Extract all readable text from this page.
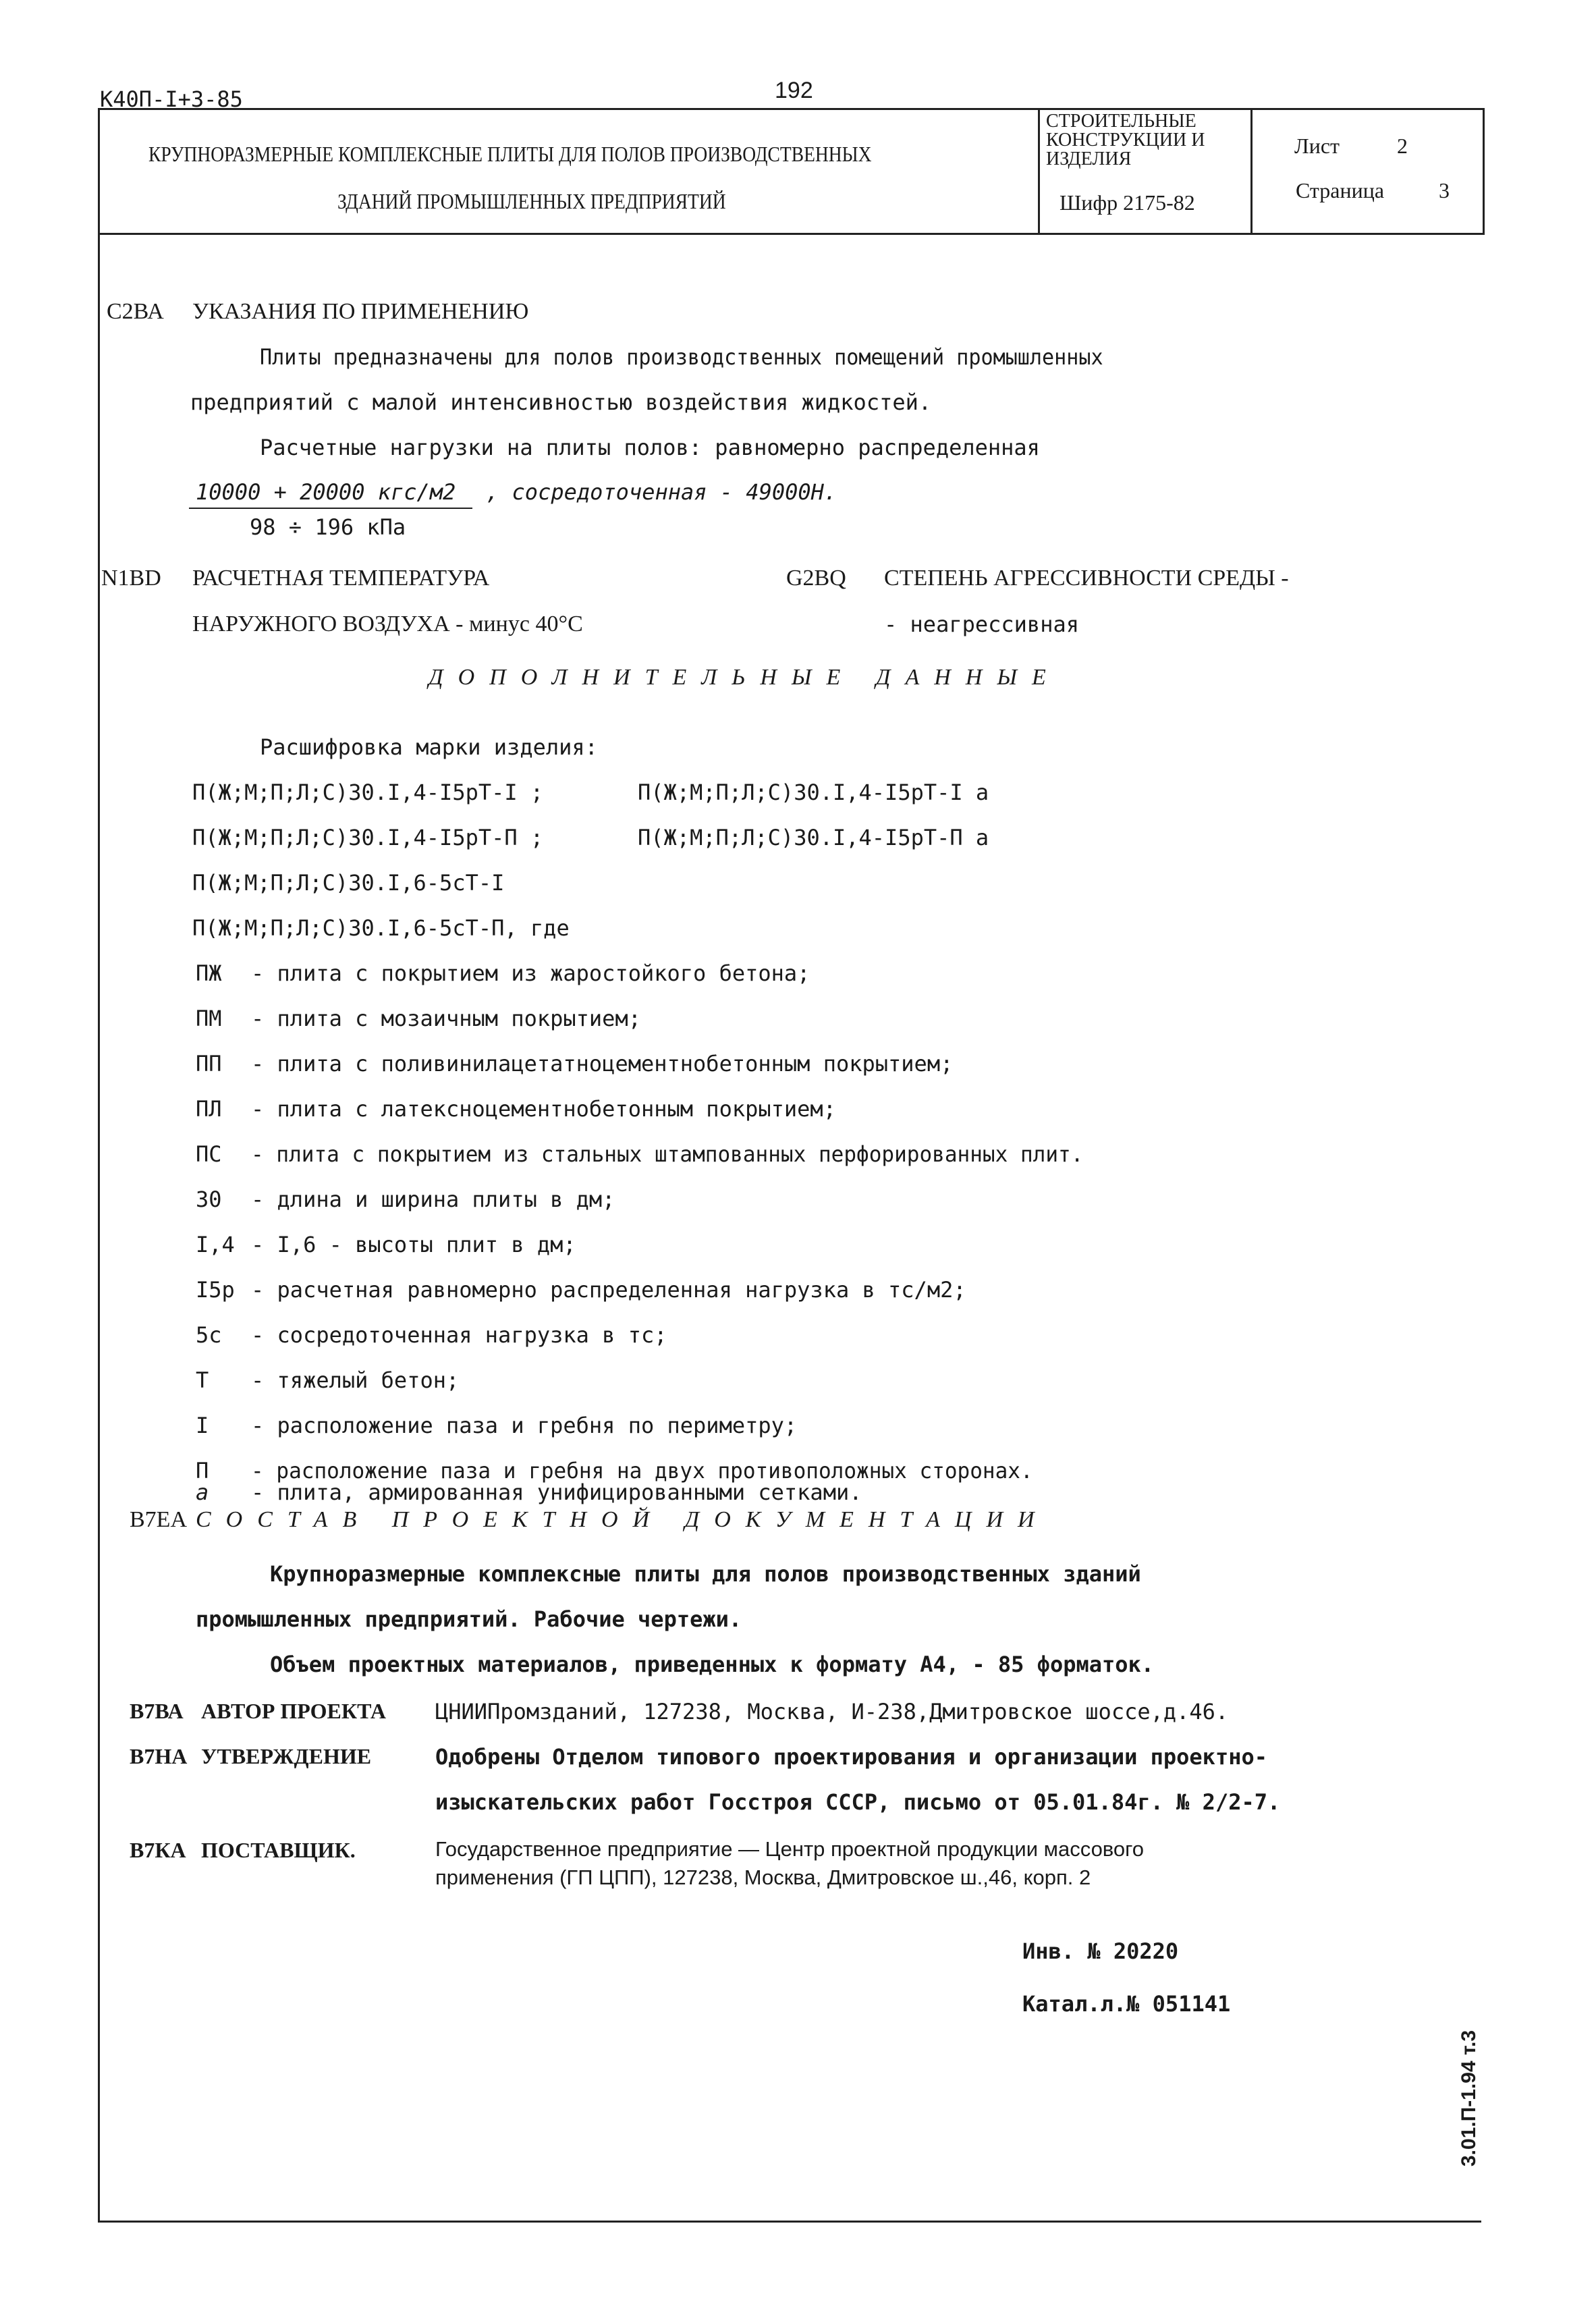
К40П-I+3-85	192
КРУПНОРАЗМЕРНЫЕ КОМПЛЕКСНЫЕ ПЛИТЫ ДЛЯ ПОЛОВ ПРОИЗВОДСТВЕННЫХ
ЗДАНИЙ ПРОМЫШЛЕННЫХ ПРЕДПРИЯТИЙ
СТРОИТЕЛЬНЫЕ
КОНСТРУКЦИИ И
ИЗДЕЛИЯ
Шифр 2175-82
Лист	2
Страница	3
С2ВА УКАЗАНИЯ ПО ПРИМЕНЕНИЮ
Плиты предназначены для полов производственных помещений промышленных
предприятий с малой интенсивностью воздействия жидкостей.
Расчетные нагрузки на плиты полов: равномерно распределенная
10000 + 20000 кгс/м2 , сосредоточенная - 49000Н.
98 ÷ 196 кПа
N1BD РАСЧЕТНАЯ ТЕМПЕРАТУРА
НАРУЖНОГО ВОЗДУХА - минус 40°С
G2BQ СТЕПЕНЬ АГРЕССИВНОСТИ СРЕДЫ -
- неагрессивная
ДОПОЛНИТЕЛЬНЫЕ ДАННЫЕ
Расшифровка марки изделия:
П(Ж;М;П;Л;С)30.I,4-I5рТ-I ;	П(Ж;М;П;Л;С)30.I,4-I5рТ-I а
П(Ж;М;П;Л;С)30.I,4-I5рТ-П ;	П(Ж;М;П;Л;С)30.I,4-I5рТ-П а
П(Ж;М;П;Л;С)30.I,6-5сТ-I
П(Ж;М;П;Л;С)30.I,6-5сТ-П, где
ПЖ - плита с покрытием из жаростойкого бетона;
ПМ - плита с мозаичным покрытием;
ПП - плита с поливинилацетатноцементнобетонным покрытием;
ПЛ - плита с латексноцементнобетонным покрытием;
ПС - плита с покрытием из стальных штампованных перфорированных плит.
30 - длина и ширина плиты в дм;
I,4 - I,6 - высоты плит в дм;
I5р - расчетная равномерно распределенная нагрузка в тс/м2;
5с - сосредоточенная нагрузка в тс;
Т - тяжелый бетон;
I - расположение паза и гребня по периметру;
П - расположение паза и гребня на двух противоположных сторонах.
а - плита, армированная унифицированными сетками.
В7ЕА СОСТАВ ПРОЕКТНОЙ ДОКУМЕНТАЦИИ
Крупноразмерные комплексные плиты для полов производственных зданий
промышленных предприятий. Рабочие чертежи.
Объем проектных материалов, приведенных к формату А4, - 85 форматок.
В7ВА АВТОР ПРОЕКТА ЦНИИПромзданий, 127238, Москва, И-238,Дмитровское шоссе,д.46.
В7НА УТВЕРЖДЕНИЕ	Одобрены Отделом типового проектирования и организации проектно-
изыскательских работ Госстроя СССР, письмо от 05.01.84г. № 2/2-7.
В7КА ПОСТАВЩИК.	Государственное предприятие — Центр проектной продукции массового
применения (ГП ЦПП), 127238, Москва, Дмитровское ш.,46, корп. 2
Инв. № 20220
Катал.л.№ 051141
3.01.П-1.94 т.3
